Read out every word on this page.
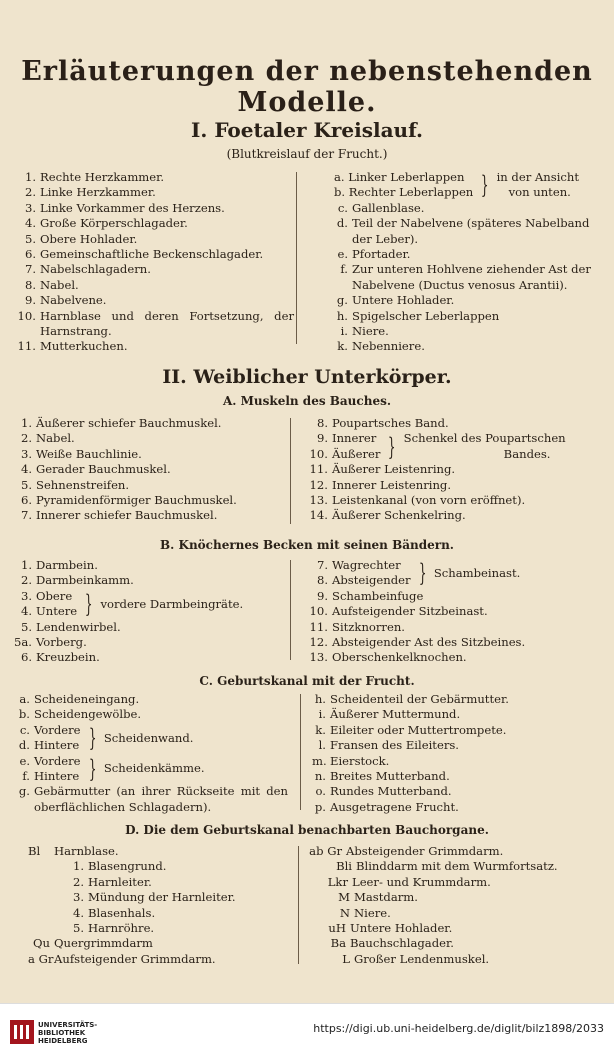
Erläuterungen der nebenstehenden Modelle.
I. Foetaler Kreislauf.
(Blutkreislauf der Frucht.)
1. Rechte Herzkammer.
2. Linke Herzkammer.
3. Linke Vorkammer des Herzens.
4. Große Körperschlagader.
5. Obere Hohlader.
6. Gemeinschaftliche Beckenschlagader.
7. Nabelschlagadern.
8. Nabel.
9. Nabelvene.
10. Harnblase und deren Fortsetzung, der Harnstrang.
11. Mutterkuchen.
a. Linker Leberlappen
b. Rechter Leberlappen } in der Ansicht
von unten.
c. Gallenblase.
d. Teil der Nabelvene (späteres Nabelband der Leber).
e. Pfortader.
f. Zur unteren Hohlvene ziehender Ast der Nabelvene (Ductus venosus Arantii).
g. Untere Hohlader.
h. Spigelscher Leberlappen
i. Niere.
k. Nebenniere.
II. Weiblicher Unterkörper.
A. Muskeln des Bauches.
1. Äußerer schiefer Bauchmuskel.
2. Nabel.
3. Weiße Bauchlinie.
4. Gerader Bauchmuskel.
5. Sehnenstreifen.
6. Pyramidenförmiger Bauchmuskel.
7. Innerer schiefer Bauchmuskel.
8. Poupartsches Band.
9. Innerer
10. Äußerer } Schenkel des Poupartschen
Bandes.
11. Äußerer Leistenring.
12. Innerer Leistenring.
13. Leistenkanal (von vorn eröffnet).
14. Äußerer Schenkelring.
B. Knöchernes Becken mit seinen Bändern.
1. Darmbein.
2. Darmbeinkamm.
3. Obere
4. Untere } vordere Darmbeingräte.
5. Lendenwirbel.
5a. Vorberg.
6. Kreuzbein.
7. Wagrechter
8. Absteigender } Schambeinast.
9. Schambeinfuge
10. Aufsteigender Sitzbeinast.
11. Sitzknorren.
12. Absteigender Ast des Sitzbeines.
13. Oberschenkelknochen.
C. Geburtskanal mit der Frucht.
a. Scheideneingang.
b. Scheidengewölbe.
c. Vordere
d. Hintere } Scheidenwand.
e. Vordere
f. Hintere } Scheidenkämme.
g. Gebärmutter (an ihrer Rückseite mit den oberflächlichen Schlagadern).
h. Scheidenteil der Gebärmutter.
i. Äußerer Muttermund.
k. Eileiter oder Muttertrompete.
l. Fransen des Eileiters.
m. Eierstock.
n. Breites Mutterband.
o. Rundes Mutterband.
p. Ausgetragene Frucht.
D. Die dem Geburtskanal benachbarten Bauchorgane.
Bl	Harnblase.
1. Blasengrund.
2. Harnleiter.
3. Mündung der Harnleiter.
4. Blasenhals.
5. Harnröhre.
Qu Quergrimmdarm
a Gr Aufsteigender Grimmdarm.
ab Gr Absteigender Grimmdarm.
Bli Blinddarm mit dem Wurmfortsatz.
Lkr Leer- und Krummdarm.
M Mastdarm.
N Niere.
uH Untere Hohlader.
Ba Bauchschlagader.
L Großer Lendenmuskel.
UNIVERSITÄTS-
BIBLIOTHEK
HEIDELBERG
https://digi.ub.uni-heidelberg.de/diglit/bilz1898/2033
